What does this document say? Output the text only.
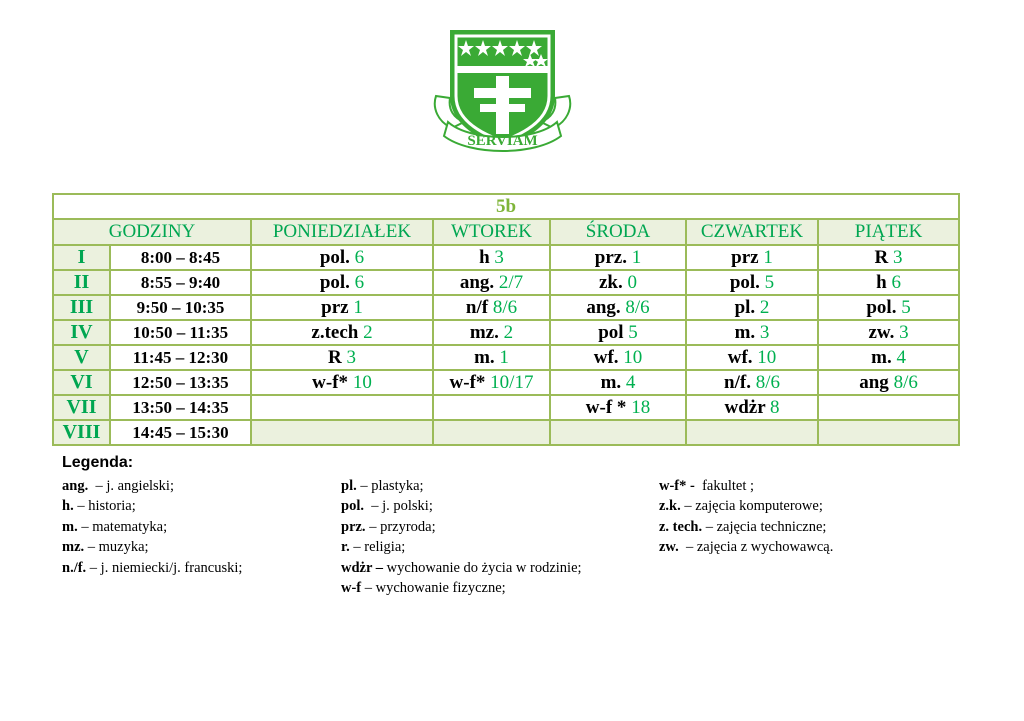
SERVIAM
5b						
GODZINY		PONIEDZIAŁEK	WTOREK	ŚRODA	CZWARTEK	PIĄTEK
I	8:00 – 8:45	pol. 6	h 3	prz. 1	prz 1	R 3
II	8:55 – 9:40	pol. 6	ang. 2/7	zk. 0	pol. 5	h 6
III	9:50 – 10:35	prz 1	n/f 8/6	ang. 8/6	pl. 2	pol. 5
IV	10:50 – 11:35	z.tech 2	mz. 2	pol 5	m. 3	zw. 3
V	11:45 – 12:30	R 3	m. 1	wf. 10	wf. 10	m. 4
VI	12:50 – 13:35	w-f* 10	w-f* 10/17	m. 4	n/f. 8/6	ang 8/6
VII	13:50 – 14:35			w-f * 18	wdżr 8	
VIII	14:45 – 15:30					
Legenda:
ang.  – j. angielski;
h. – historia;
m. – matematyka;
mz. – muzyka;
n./f. – j. niemiecki/j. francuski;
pl. – plastyka;
pol.  – j. polski;
prz. – przyroda;
r. – religia;
wdżr – wychowanie do życia w rodzinie;
w-f – wychowanie fizyczne;
w-f* -  fakultet ;
z.k. – zajęcia komputerowe;
z. tech. – zajęcia techniczne;
zw.  – zajęcia z wychowawcą.
